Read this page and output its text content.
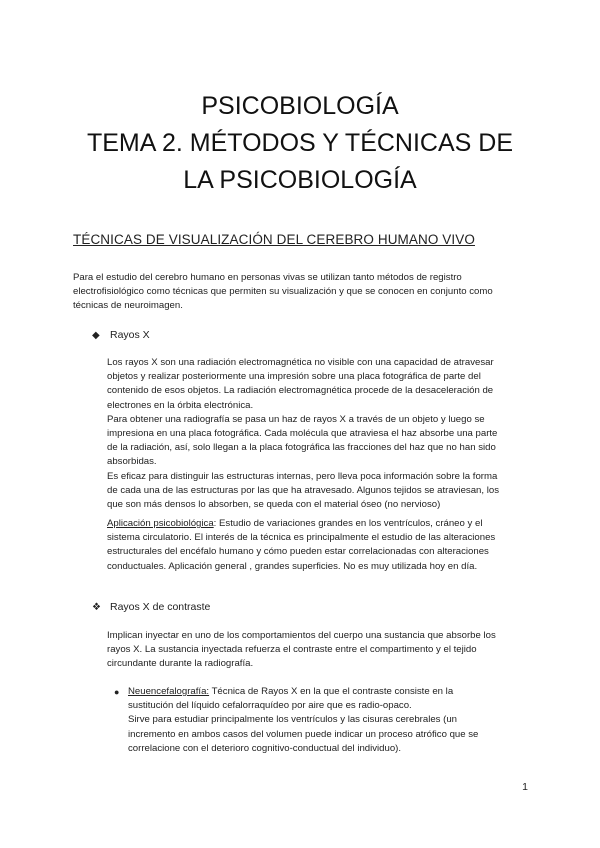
PSICOBIOLOGÍA
TEMA 2. MÉTODOS Y TÉCNICAS DE
LA PSICOBIOLOGÍA
TÉCNICAS DE VISUALIZACIÓN DEL CEREBRO HUMANO VIVO
Para el estudio del cerebro humano en personas vivas se utilizan tanto métodos de registro
electrofisiológico como técnicas que permiten su visualización y que se conocen en conjunto como
técnicas de neuroimagen.
◆ Rayos X
Los rayos X son una radiación electromagnética no visible con una capacidad de atravesar
objetos y realizar posteriormente una impresión sobre una placa fotográfica de parte del
contenido de esos objetos. La radiación electromagnética procede de la desaceleración de
electrones en la órbita electrónica.
Para obtener una radiografía se pasa un haz de rayos X a través de un objeto y luego se
impresiona en una placa fotográfica. Cada molécula que atraviesa el haz absorbe una parte
de la radiación, así, solo llegan a la placa fotográfica las fracciones del haz que no han sido
absorbidas.
Es eficaz para distinguir las estructuras internas, pero lleva poca información sobre la forma
de cada una de las estructuras por las que ha atravesado. Algunos tejidos se atraviesan, los
que son más densos lo absorben, se queda con el material óseo (no nervioso)
Aplicación psicobiológica: Estudio de variaciones grandes en los ventrículos, cráneo y el
sistema circulatorio. El interés de la técnica es principalmente el estudio de las alteraciones
estructurales del encéfalo humano y cómo pueden estar correlacionadas con alteraciones
conductuales. Aplicación general , grandes superficies. No es muy utilizada hoy en día.
❖ Rayos X de contraste
Implican inyectar en uno de los comportamientos del cuerpo una sustancia que absorbe los
rayos X. La sustancia inyectada refuerza el contraste entre el compartimento y el tejido
circundante durante la radiografía.
● Neuencefalografía: Técnica de Rayos X en la que el contraste consiste en la
sustitución del líquido cefalorraquídeo por aire que es radio-opaco.
Sirve para estudiar principalmente los ventrículos y las cisuras cerebrales (un
incremento en ambos casos del volumen puede indicar un proceso atrófico que se
correlacione con el deterioro cognitivo-conductual del individuo).
1
